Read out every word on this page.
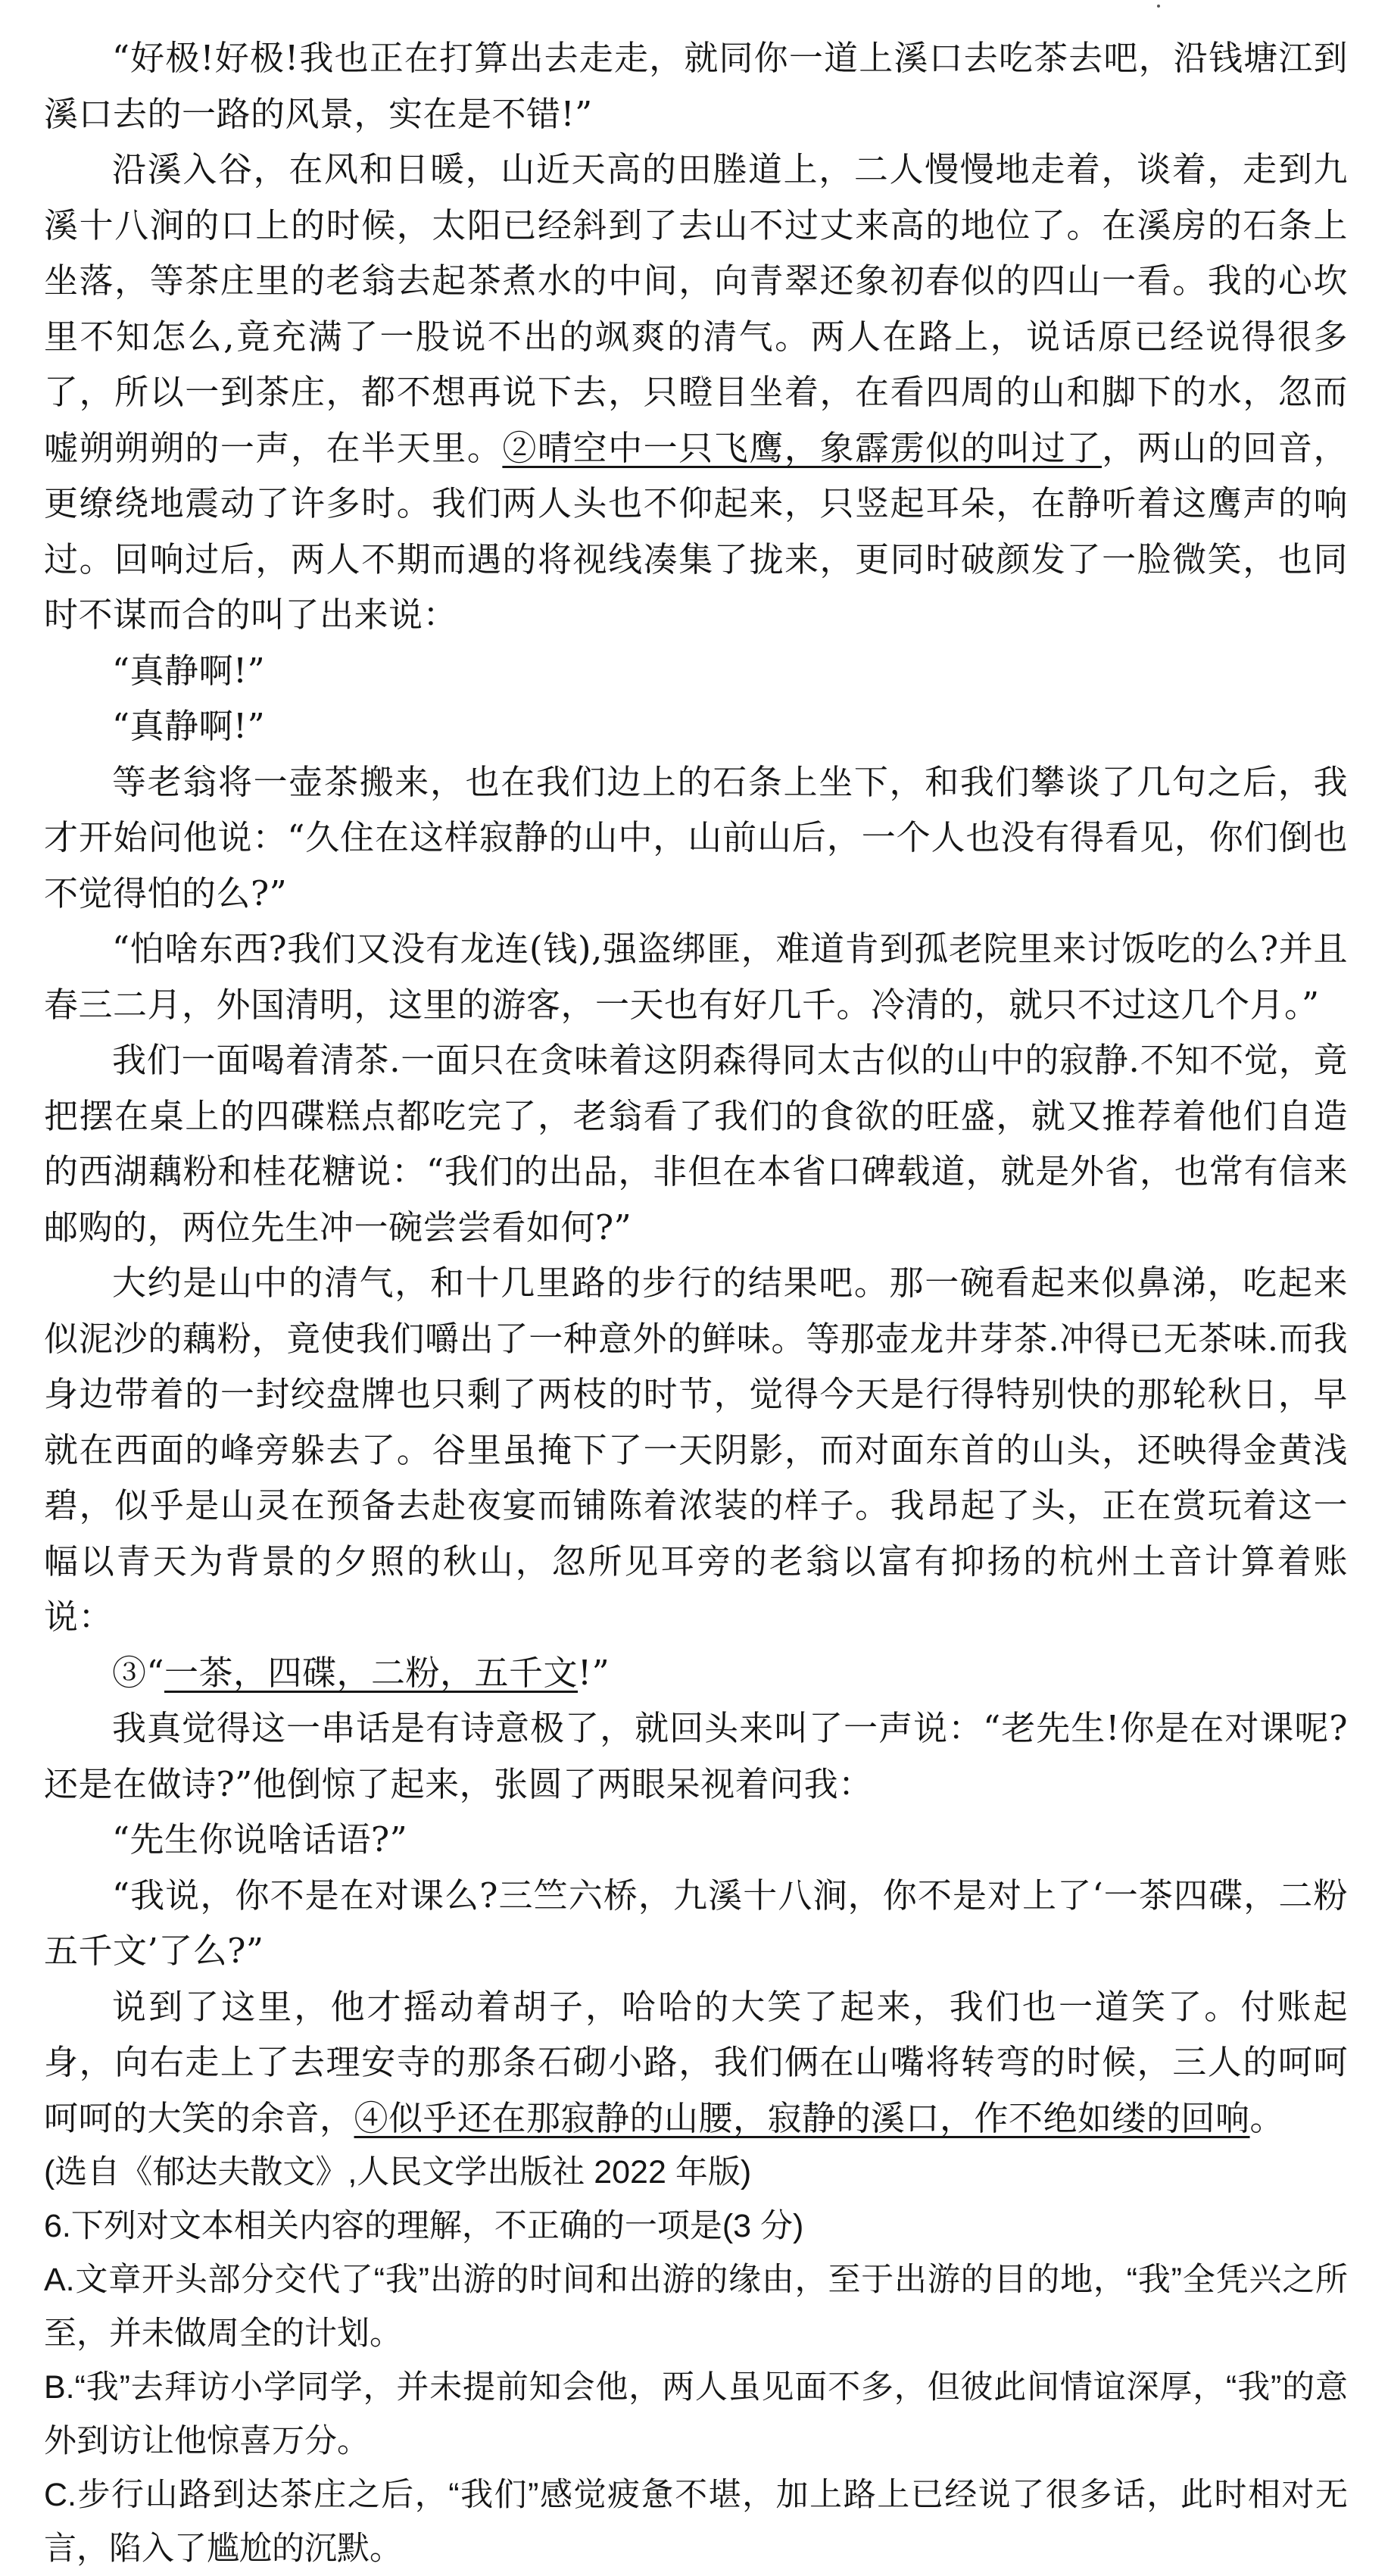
“好极!好极!我也正在打算出去走走，就同你一道上溪口去吃茶去吧，沿钱塘江到溪口去的一路的风景，实在是不错!”

沿溪入谷，在风和日暖，山近天高的田塍道上，二人慢慢地走着，谈着，走到九溪十八涧的口上的时候，太阳已经斜到了去山不过丈来高的地位了。在溪房的石条上坐落，等茶庄里的老翁去起茶煮水的中间，向青翠还象初春似的四山一看。我的心坎里不知怎么,竟充满了一股说不出的飒爽的清气。两人在路上，说话原已经说得很多了，所以一到茶庄，都不想再说下去，只瞪目坐着，在看四周的山和脚下的水，忽而嘘朔朔朔的一声，在半天里。②晴空中一只飞鹰，象霹雳似的叫过了，两山的回音，更缭绕地震动了许多时。我们两人头也不仰起来，只竖起耳朵，在静听着这鹰声的响过。回响过后，两人不期而遇的将视线凑集了拢来，更同时破颜发了一脸微笑，也同时不谋而合的叫了出来说：

“真静啊!”

“真静啊!”

等老翁将一壶茶搬来，也在我们边上的石条上坐下，和我们攀谈了几句之后，我才开始问他说：“久住在这样寂静的山中，山前山后，一个人也没有得看见，你们倒也不觉得怕的么?”

“怕啥东西?我们又没有龙连(钱),强盗绑匪，难道肯到孤老院里来讨饭吃的么?并且春三二月，外国清明，这里的游客，一天也有好几千。冷清的，就只不过这几个月。”

我们一面喝着清茶.一面只在贪味着这阴森得同太古似的山中的寂静.不知不觉，竟把摆在桌上的四碟糕点都吃完了，老翁看了我们的食欲的旺盛，就又推荐着他们自造的西湖藕粉和桂花糖说：“我们的出品，非但在本省口碑载道，就是外省，也常有信来邮购的，两位先生冲一碗尝尝看如何?”

大约是山中的清气，和十几里路的步行的结果吧。那一碗看起来似鼻涕，吃起来似泥沙的藕粉，竟使我们嚼出了一种意外的鲜味。等那壶龙井芽茶.冲得已无茶味.而我身边带着的一封绞盘牌也只剩了两枝的时节，觉得今天是行得特别快的那轮秋日，早就在西面的峰旁躲去了。谷里虽掩下了一天阴影，而对面东首的山头，还映得金黄浅碧，似乎是山灵在预备去赴夜宴而铺陈着浓装的样子。我昂起了头，正在赏玩着这一幅以青天为背景的夕照的秋山，忽所见耳旁的老翁以富有抑扬的杭州土音计算着账说：

③“一茶，四碟，二粉，五千文!”

我真觉得这一串话是有诗意极了，就回头来叫了一声说：“老先生!你是在对课呢?还是在做诗?”他倒惊了起来，张圆了两眼呆视着问我：

“先生你说啥话语?”

“我说，你不是在对课么?三竺六桥，九溪十八涧，你不是对上了‘一茶四碟，二粉五千文’了么?”

说到了这里，他才摇动着胡子，哈哈的大笑了起来，我们也一道笑了。付账起身，向右走上了去理安寺的那条石砌小路，我们俩在山嘴将转弯的时候，三人的呵呵呵呵的大笑的余音，④似乎还在那寂静的山腰，寂静的溪口，作不绝如缕的回响。

(选自《郁达夫散文》,人民文学出版社 2022 年版)

6.下列对文本相关内容的理解，不正确的一项是(3 分)

A.文章开头部分交代了“我”出游的时间和出游的缘由，至于出游的目的地，“我”全凭兴之所至，并未做周全的计划。

B.“我”去拜访小学同学，并未提前知会他，两人虽见面不多，但彼此间情谊深厚，“我”的意外到访让他惊喜万分。

C.步行山路到达茶庄之后，“我们”感觉疲惫不堪，加上路上已经说了很多话，此时相对无言，陷入了尴尬的沉默。
